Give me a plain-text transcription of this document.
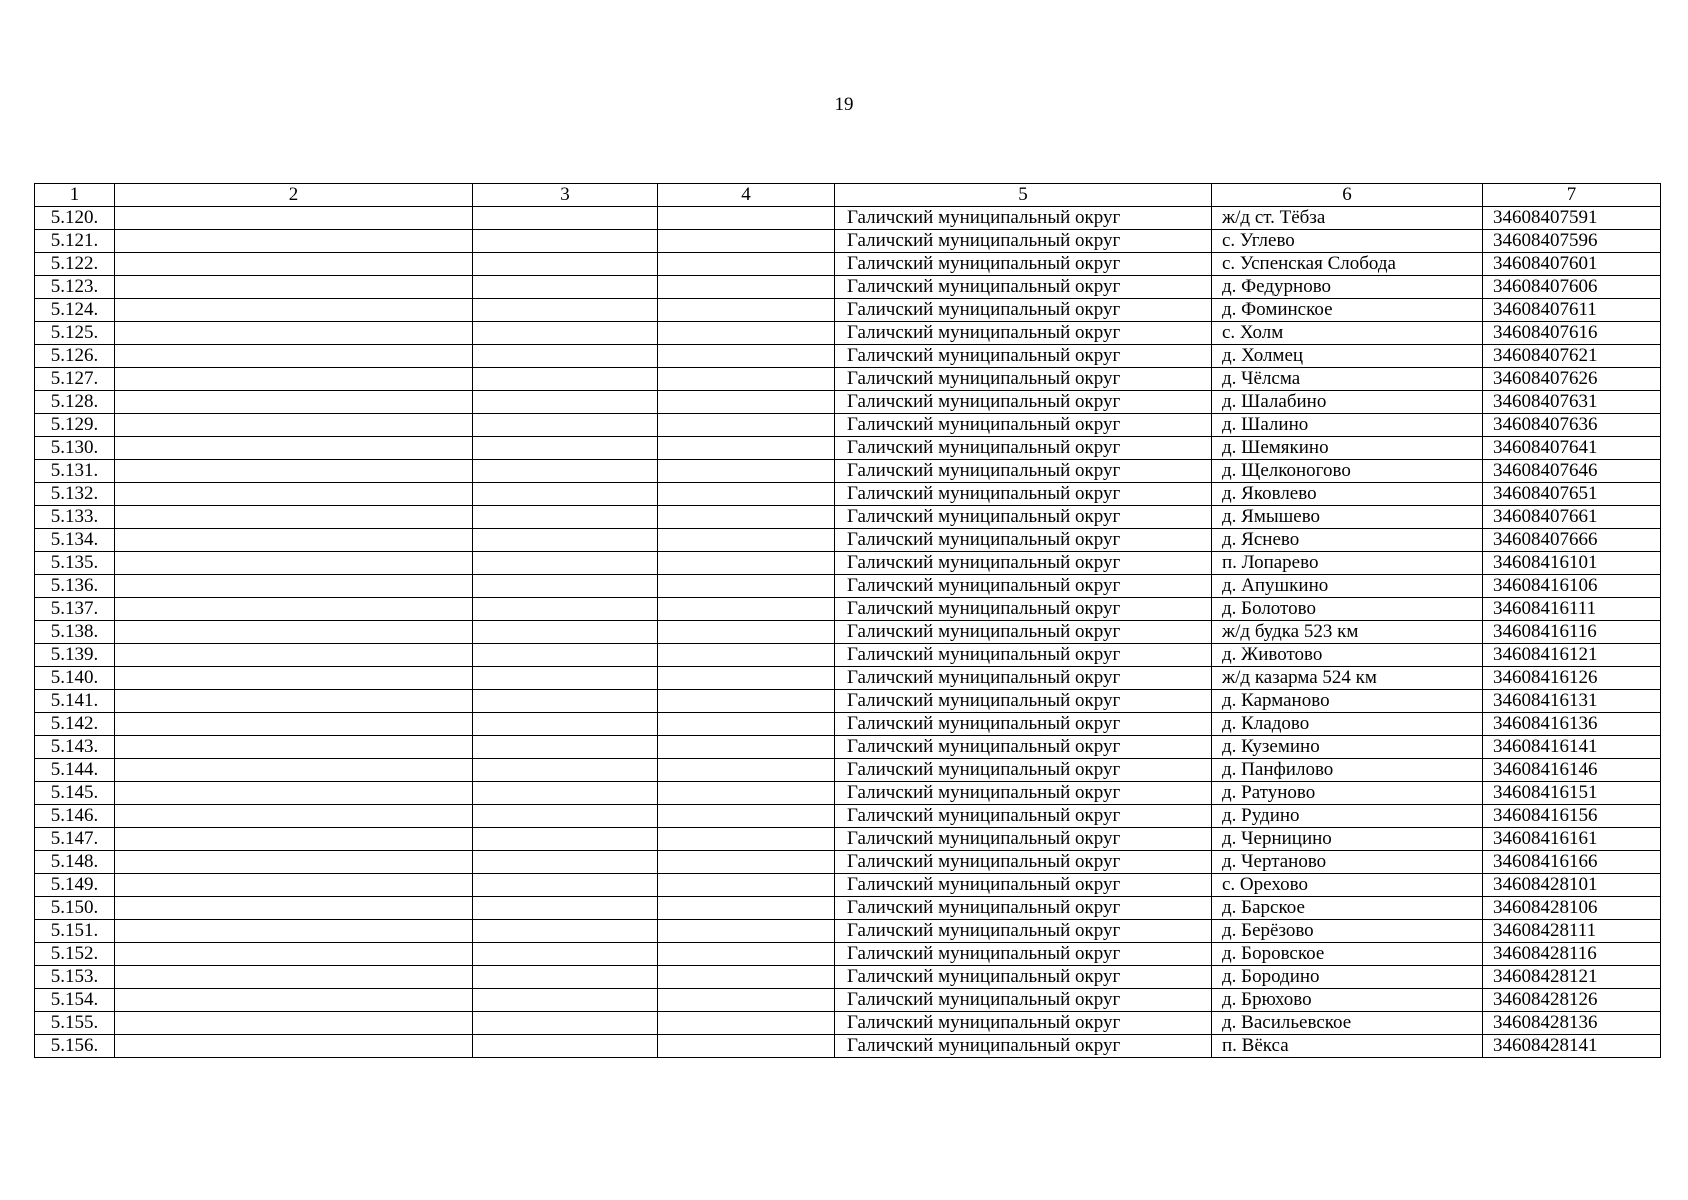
19
1	2	3	4	5	6	7
5.120.				Галичский муниципальный округ	ж/д ст. Тёбза	34608407591
5.121.				Галичский муниципальный округ	с. Углево	34608407596
5.122.				Галичский муниципальный округ	с. Успенская Слобода	34608407601
5.123.				Галичский муниципальный округ	д. Федурново	34608407606
5.124.				Галичский муниципальный округ	д. Фоминское	34608407611
5.125.				Галичский муниципальный округ	с. Холм	34608407616
5.126.				Галичский муниципальный округ	д. Холмец	34608407621
5.127.				Галичский муниципальный округ	д. Чёлсма	34608407626
5.128.				Галичский муниципальный округ	д. Шалабино	34608407631
5.129.				Галичский муниципальный округ	д. Шалино	34608407636
5.130.				Галичский муниципальный округ	д. Шемякино	34608407641
5.131.				Галичский муниципальный округ	д. Щелконогово	34608407646
5.132.				Галичский муниципальный округ	д. Яковлево	34608407651
5.133.				Галичский муниципальный округ	д. Ямышево	34608407661
5.134.				Галичский муниципальный округ	д. Яснево	34608407666
5.135.				Галичский муниципальный округ	п. Лопарево	34608416101
5.136.				Галичский муниципальный округ	д. Апушкино	34608416106
5.137.				Галичский муниципальный округ	д. Болотово	34608416111
5.138.				Галичский муниципальный округ	ж/д будка 523 км	34608416116
5.139.				Галичский муниципальный округ	д. Животово	34608416121
5.140.				Галичский муниципальный округ	ж/д казарма 524 км	34608416126
5.141.				Галичский муниципальный округ	д. Карманово	34608416131
5.142.				Галичский муниципальный округ	д. Кладово	34608416136
5.143.				Галичский муниципальный округ	д. Куземино	34608416141
5.144.				Галичский муниципальный округ	д. Панфилово	34608416146
5.145.				Галичский муниципальный округ	д. Ратуново	34608416151
5.146.				Галичский муниципальный округ	д. Рудино	34608416156
5.147.				Галичский муниципальный округ	д. Черницино	34608416161
5.148.				Галичский муниципальный округ	д. Чертаново	34608416166
5.149.				Галичский муниципальный округ	с. Орехово	34608428101
5.150.				Галичский муниципальный округ	д. Барское	34608428106
5.151.				Галичский муниципальный округ	д. Берёзово	34608428111
5.152.				Галичский муниципальный округ	д. Боровское	34608428116
5.153.				Галичский муниципальный округ	д. Бородино	34608428121
5.154.				Галичский муниципальный округ	д. Брюхово	34608428126
5.155.				Галичский муниципальный округ	д. Васильевское	34608428136
5.156.				Галичский муниципальный округ	п. Вёкса	34608428141
